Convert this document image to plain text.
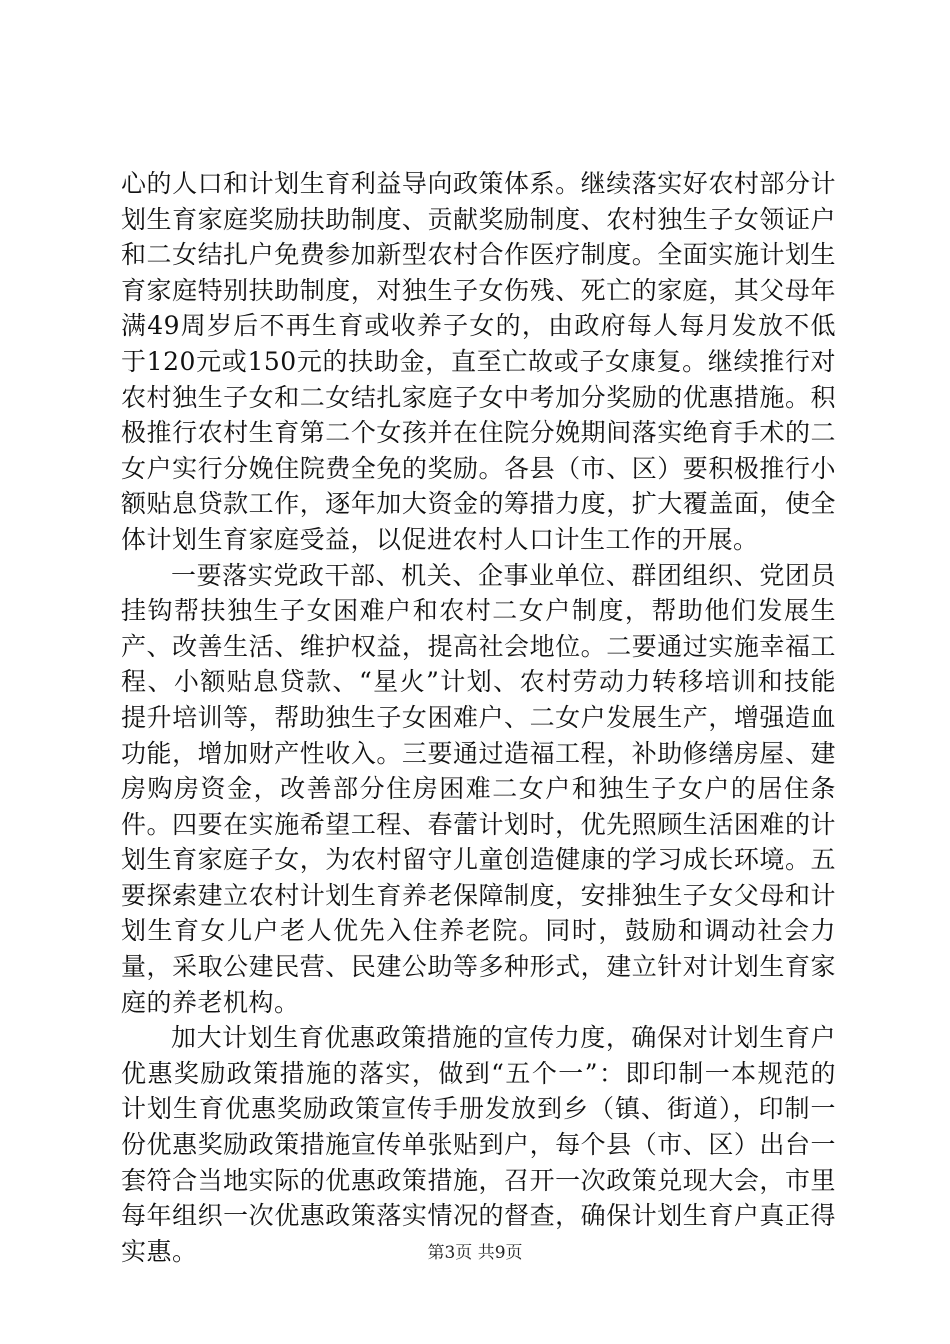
心的人口和计划生育利益导向政策体系。继续落实好农村部分计划生育家庭奖励扶助制度、贡献奖励制度、农村独生子女领证户和二女结扎户免费参加新型农村合作医疗制度。全面实施计划生育家庭特别扶助制度，对独生子女伤残、死亡的家庭，其父母年满49周岁后不再生育或收养子女的，由政府每人每月发放不低于120元或150元的扶助金，直至亡故或子女康复。继续推行对农村独生子女和二女结扎家庭子女中考加分奖励的优惠措施。积极推行农村生育第二个女孩并在住院分娩期间落实绝育手术的二女户实行分娩住院费全免的奖励。各县（市、区）要积极推行小额贴息贷款工作，逐年加大资金的筹措力度，扩大覆盖面，使全体计划生育家庭受益，以促进农村人口计生工作的开展。

一要落实党政干部、机关、企事业单位、群团组织、党团员挂钩帮扶独生子女困难户和农村二女户制度，帮助他们发展生产、改善生活、维护权益，提高社会地位。二要通过实施幸福工程、小额贴息贷款、“星火”计划、农村劳动力转移培训和技能提升培训等，帮助独生子女困难户、二女户发展生产，增强造血功能，增加财产性收入。三要通过造福工程，补助修缮房屋、建房购房资金，改善部分住房困难二女户和独生子女户的居住条件。四要在实施希望工程、春蕾计划时，优先照顾生活困难的计划生育家庭子女，为农村留守儿童创造健康的学习成长环境。五要探索建立农村计划生育养老保障制度，安排独生子女父母和计划生育女儿户老人优先入住养老院。同时，鼓励和调动社会力量，采取公建民营、民建公助等多种形式，建立针对计划生育家庭的养老机构。

加大计划生育优惠政策措施的宣传力度，确保对计划生育户优惠奖励政策措施的落实，做到“五个一”：即印制一本规范的计划生育优惠奖励政策宣传手册发放到乡（镇、街道），印制一份优惠奖励政策措施宣传单张贴到户，每个县（市、区）出台一套符合当地实际的优惠政策措施，召开一次政策兑现大会，市里每年组织一次优惠政策落实情况的督查，确保计划生育户真正得实惠。	第3页 共9页
